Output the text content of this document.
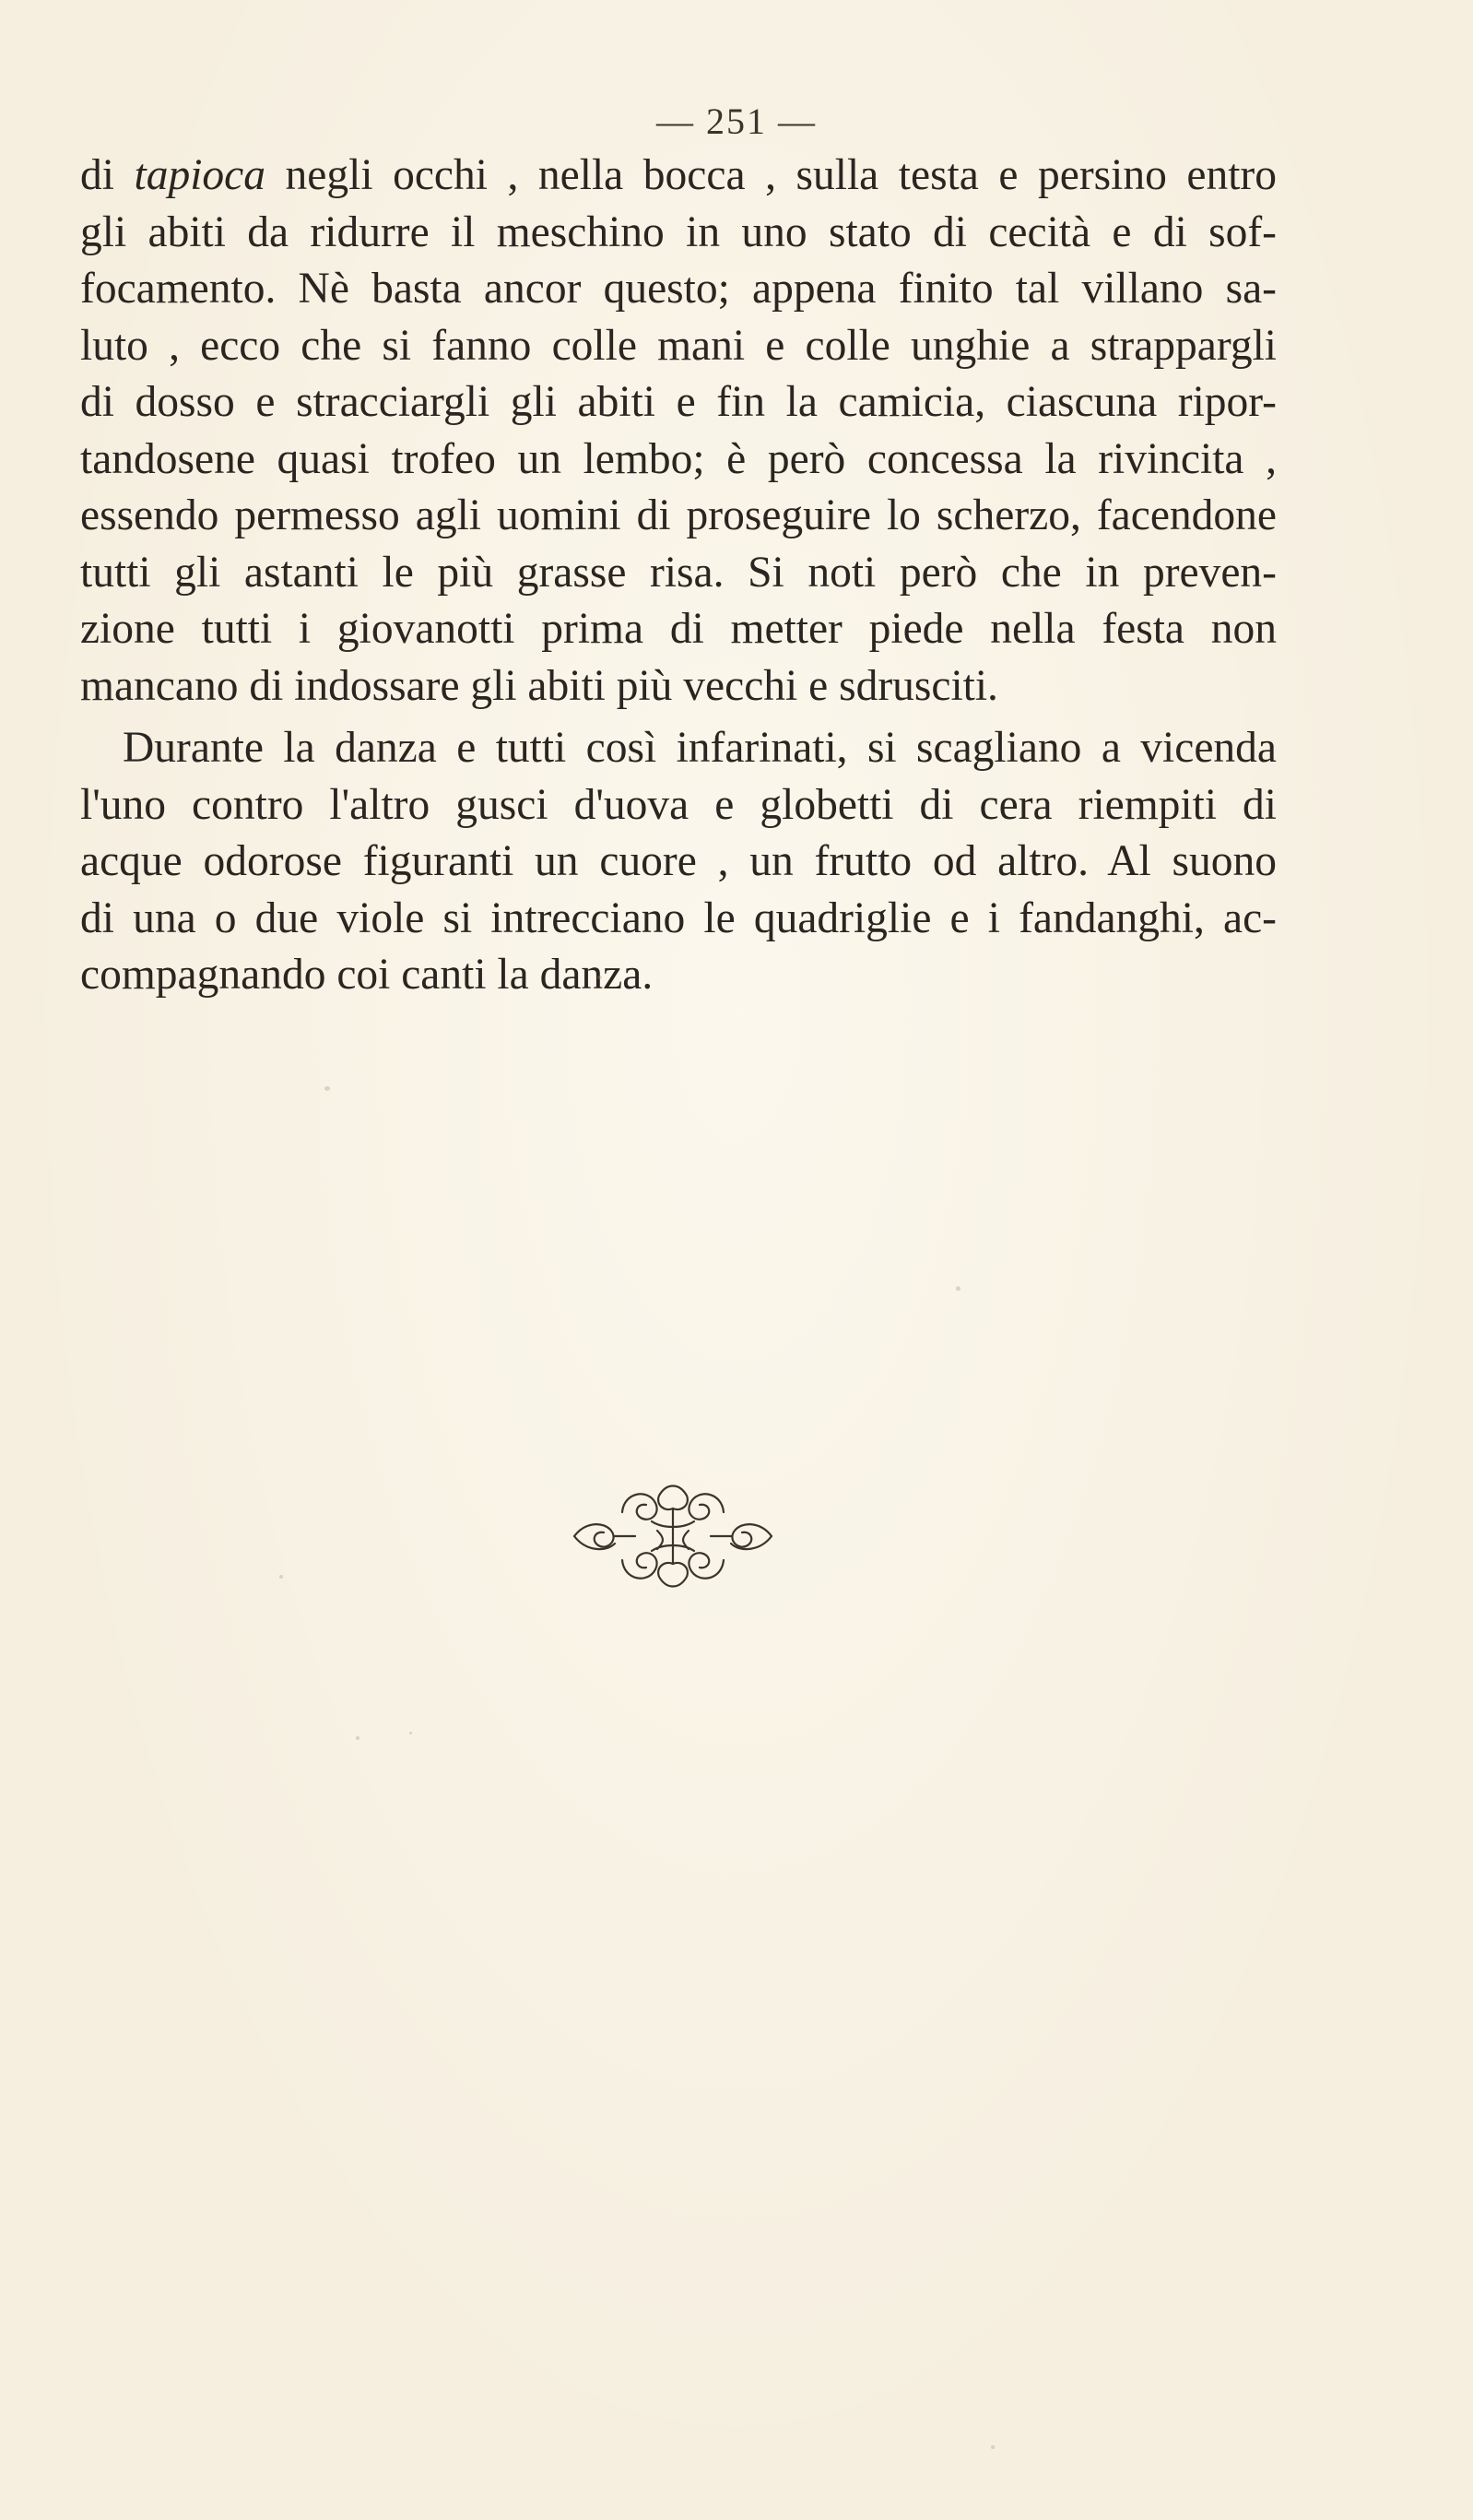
— 251 —
di tapioca negli occhi , nella bocca , sulla testa e persino entro
gli abiti da ridurre il meschino in uno stato di cecità e di sof-
focamento. Nè basta ancor questo; appena finito tal villano sa-
luto , ecco che si fanno colle mani e colle unghie a strappargli
di dosso e stracciargli gli abiti e fin la camicia, ciascuna ripor-
tandosene quasi trofeo un lembo; è però concessa la rivincita ,
essendo permesso agli uomini di proseguire lo scherzo, facendone
tutti gli astanti le più grasse risa. Si noti però che in preven-
zione tutti i giovanotti prima di metter piede nella festa non
mancano di indossare gli abiti più vecchi e sdrusciti.
Durante la danza e tutti così infarinati, si scagliano a vicenda
l'uno contro l'altro gusci d'uova e globetti di cera riempiti di
acque odorose figuranti un cuore , un frutto od altro. Al suono
di una o due viole si intrecciano le quadriglie e i fandanghi, ac-
compagnando coi canti la danza.
